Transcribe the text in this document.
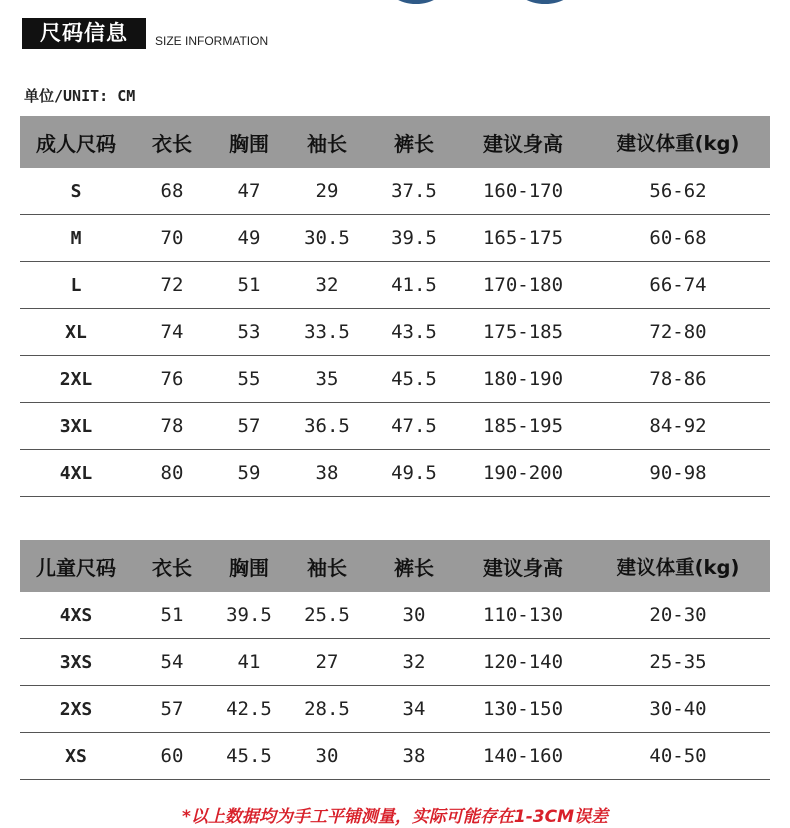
尺码信息	SIZE INFORMATION
单位/UNIT: CM
成人尺码	衣长	胸围	袖长	裤长	建议身高	建议体重(kg)
S	68	47	29	37.5	160-170	56-62
M	70	49	30.5	39.5	165-175	60-68
L	72	51	32	41.5	170-180	66-74
XL	74	53	33.5	43.5	175-185	72-80
2XL	76	55	35	45.5	180-190	78-86
3XL	78	57	36.5	47.5	185-195	84-92
4XL	80	59	38	49.5	190-200	90-98
儿童尺码	衣长	胸围	袖长	裤长	建议身高	建议体重(kg)
4XS	51	39.5	25.5	30	110-130	20-30
3XS	54	41	27	32	120-140	25-35
2XS	57	42.5	28.5	34	130-150	30-40
XS	60	45.5	30	38	140-160	40-50
*以上数据均为手工平铺测量，实际可能存在1-3CM误差
